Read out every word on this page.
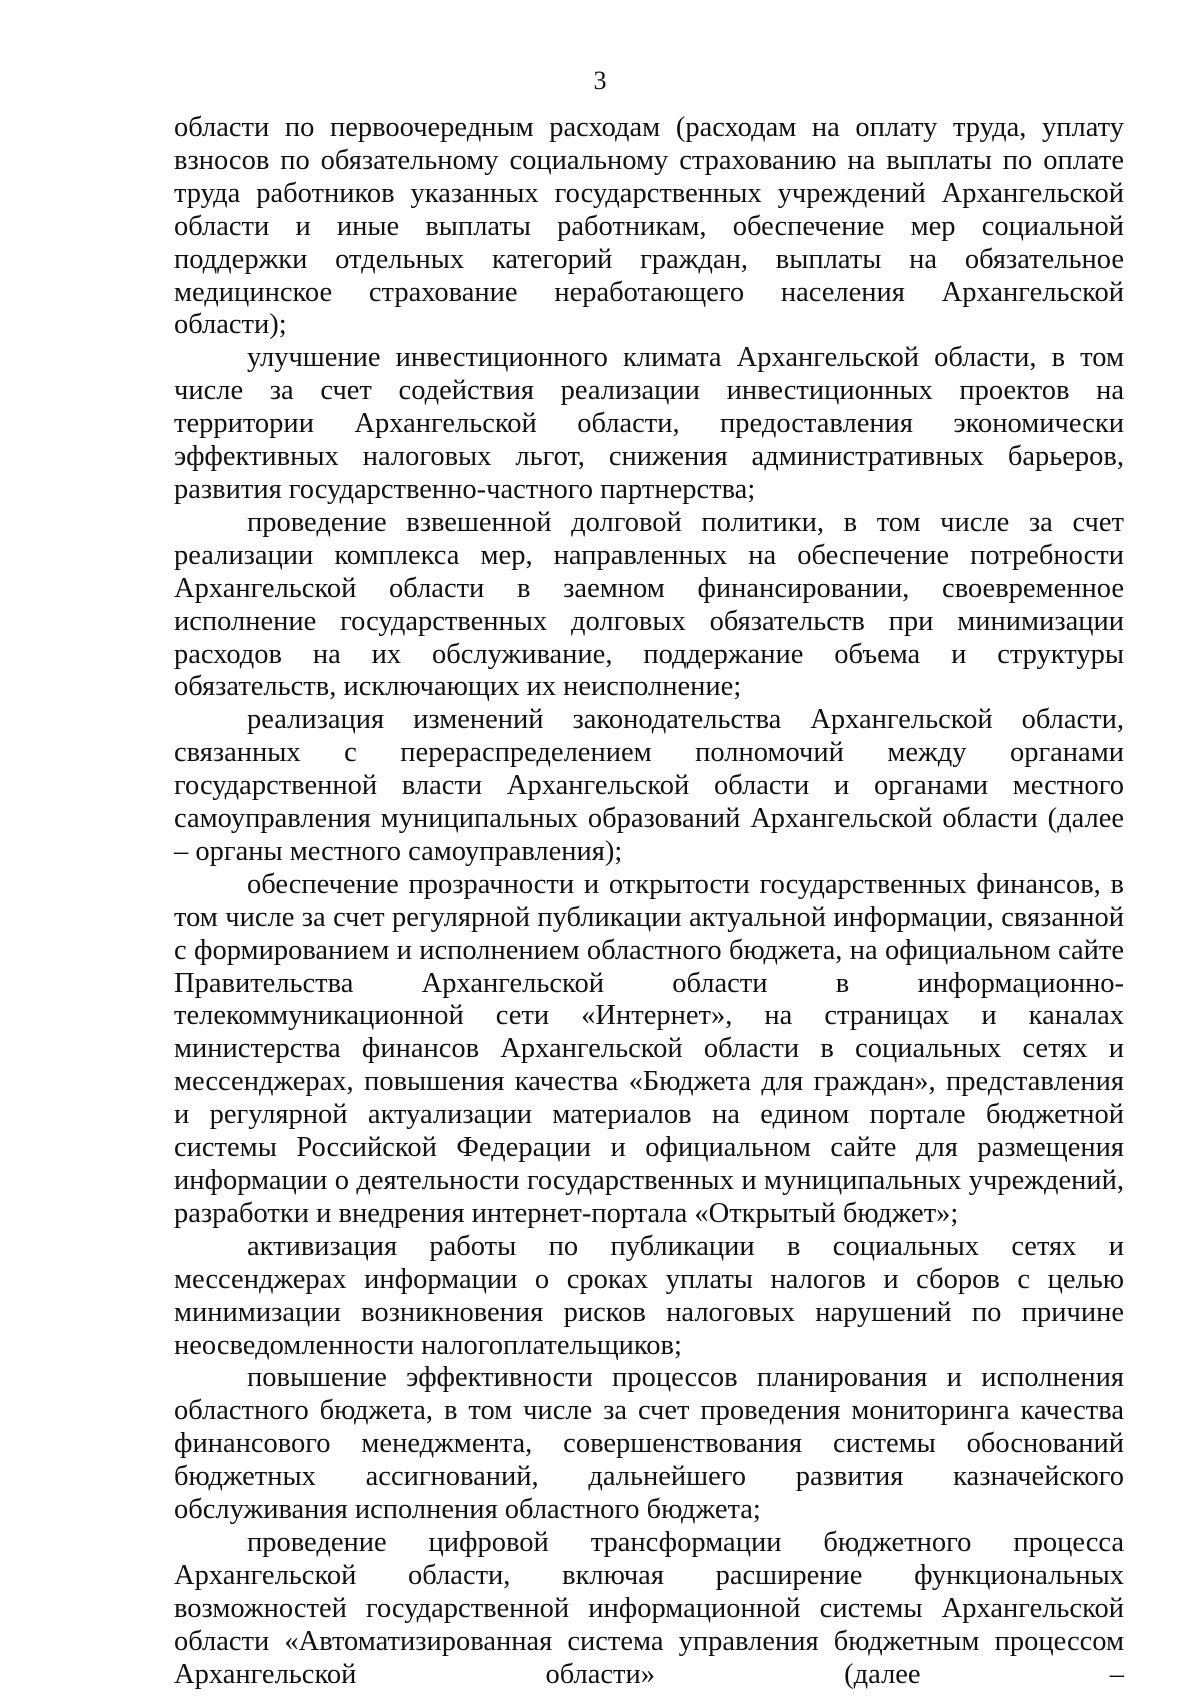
3

области по первоочередным расходам (расходам на оплату труда, уплату взносов по обязательному социальному страхованию на выплаты по оплате труда работников указанных государственных учреждений Архангельской области и иные выплаты работникам, обеспечение мер социальной поддержки отдельных категорий граждан, выплаты на обязательное медицинское страхование неработающего населения Архангельской области);

улучшение инвестиционного климата Архангельской области, в том числе за счет содействия реализации инвестиционных проектов на территории Архангельской области, предоставления экономически эффективных налоговых льгот, снижения административных барьеров, развития государственно-частного партнерства;

проведение взвешенной долговой политики, в том числе за счет реализации комплекса мер, направленных на обеспечение потребности Архангельской области в заемном финансировании, своевременное исполнение государственных долговых обязательств при минимизации расходов на их обслуживание, поддержание объема и структуры обязательств, исключающих их неисполнение;

реализация изменений законодательства Архангельской области, связанных с перераспределением полномочий между органами государственной власти Архангельской области и органами местного самоуправления муниципальных образований Архангельской области (далее – органы местного самоуправления);

обеспечение прозрачности и открытости государственных финансов, в том числе за счет регулярной публикации актуальной информации, связанной с формированием и исполнением областного бюджета, на официальном сайте Правительства Архангельской области в информационно-телекоммуникационной сети «Интернет», на страницах и каналах министерства финансов Архангельской области в социальных сетях и мессенджерах, повышения качества «Бюджета для граждан», представления и регулярной актуализации материалов на едином портале бюджетной системы Российской Федерации и официальном сайте для размещения информации о деятельности государственных и муниципальных учреждений, разработки и внедрения интернет-портала «Открытый бюджет»;

активизация работы по публикации в социальных сетях и мессенджерах информации о сроках уплаты налогов и сборов с целью минимизации возникновения рисков налоговых нарушений по причине неосведомленности налогоплательщиков;

повышение эффективности процессов планирования и исполнения областного бюджета, в том числе за счет проведения мониторинга качества финансового менеджмента, совершенствования системы обоснований бюджетных ассигнований, дальнейшего развития казначейского обслуживания исполнения областного бюджета;

проведение цифровой трансформации бюджетного процесса Архангельской области, включая расширение функциональных возможностей государственной информационной системы Архангельской области «Автоматизированная система управления бюджетным процессом Архангельской области» (далее –
